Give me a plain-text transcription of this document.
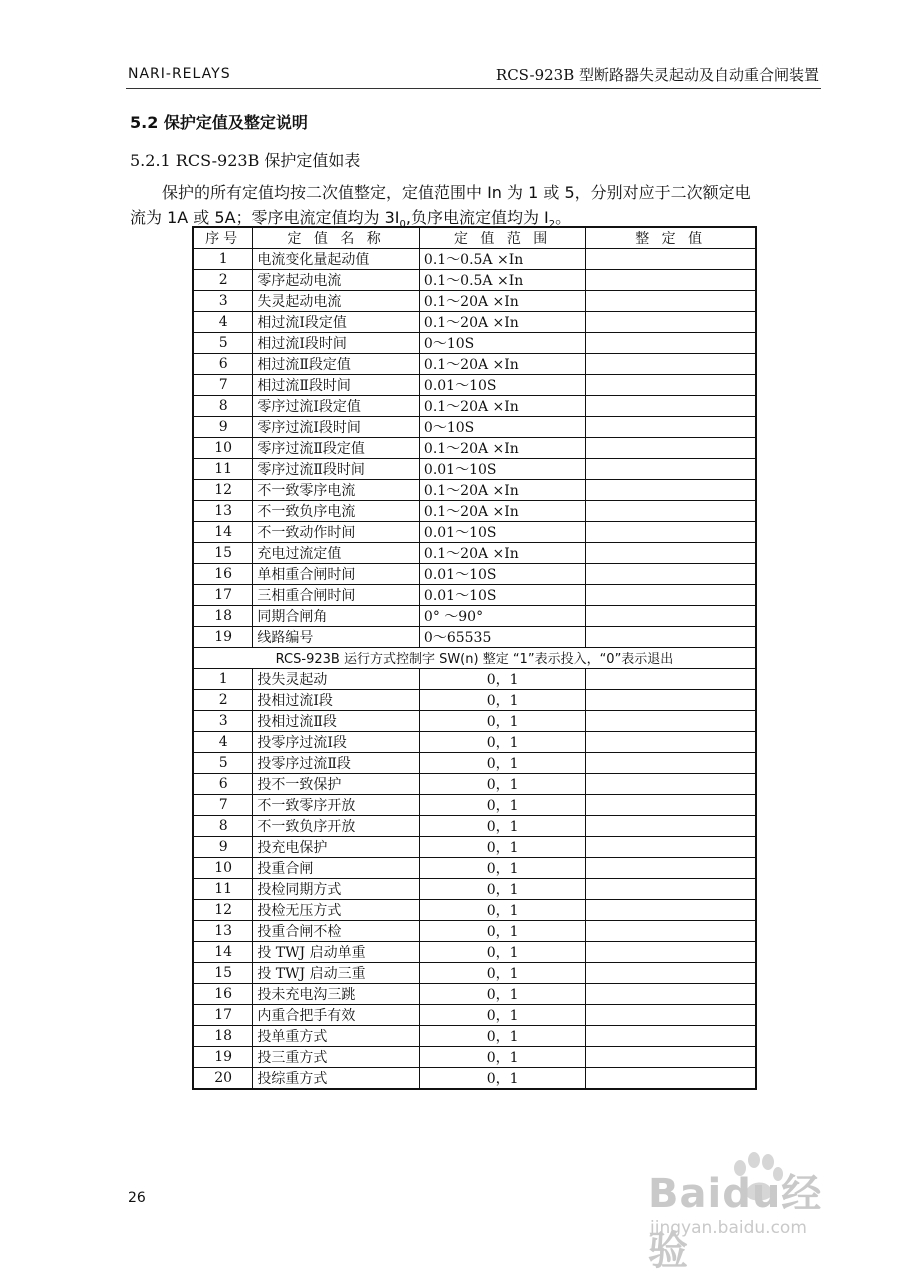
NARI-RELAYS	RCS-923B 型断路器失灵起动及自动重合闸装置
5.2 保护定值及整定说明
5.2.1 RCS-923B 保护定值如表
保护的所有定值均按二次值整定，定值范围中 In 为 1 或 5，分别对应于二次额定电
流为 1A 或 5A；零序电流定值均为 $3I_0$,负序电流定值均为 $I_2$。
序号	定 值 名 称	定 值 范 围	整 定 值
1	电流变化量起动值	0.1～0.5A ×In	
2	零序起动电流	0.1～0.5A ×In	
3	失灵起动电流	0.1～20A ×In	
4	相过流Ⅰ段定值	0.1～20A ×In	
5	相过流Ⅰ段时间	0～10S	
6	相过流Ⅱ段定值	0.1～20A ×In	
7	相过流Ⅱ段时间	0.01～10S	
8	零序过流Ⅰ段定值	0.1～20A ×In	
9	零序过流Ⅰ段时间	0～10S	
10	零序过流Ⅱ段定值	0.1～20A ×In	
11	零序过流Ⅱ段时间	0.01～10S	
12	不一致零序电流	0.1～20A ×In	
13	不一致负序电流	0.1～20A ×In	
14	不一致动作时间	0.01～10S	
15	充电过流定值	0.1～20A ×In	
16	单相重合闸时间	0.01～10S	
17	三相重合闸时间	0.01～10S	
18	同期合闸角	0° ～90°	
19	线路编号	0～65535	
RCS-923B 运行方式控制字 SW(n) 整定 “1”表示投入，“0”表示退出			
1	投失灵起动	0，1	
2	投相过流Ⅰ段	0，1	
3	投相过流Ⅱ段	0，1	
4	投零序过流Ⅰ段	0，1	
5	投零序过流Ⅱ段	0，1	
6	投不一致保护	0，1	
7	不一致零序开放	0，1	
8	不一致负序开放	0，1	
9	投充电保护	0，1	
10	投重合闸	0，1	
11	投检同期方式	0，1	
12	投检无压方式	0，1	
13	投重合闸不检	0，1	
14	投 TWJ 启动单重	0，1	
15	投 TWJ 启动三重	0，1	
16	投未充电沟三跳	0，1	
17	内重合把手有效	0，1	
18	投单重方式	0，1	
19	投三重方式	0，1	
20	投综重方式	0，1	
26	Baidu经验
jingyan.baidu.com
